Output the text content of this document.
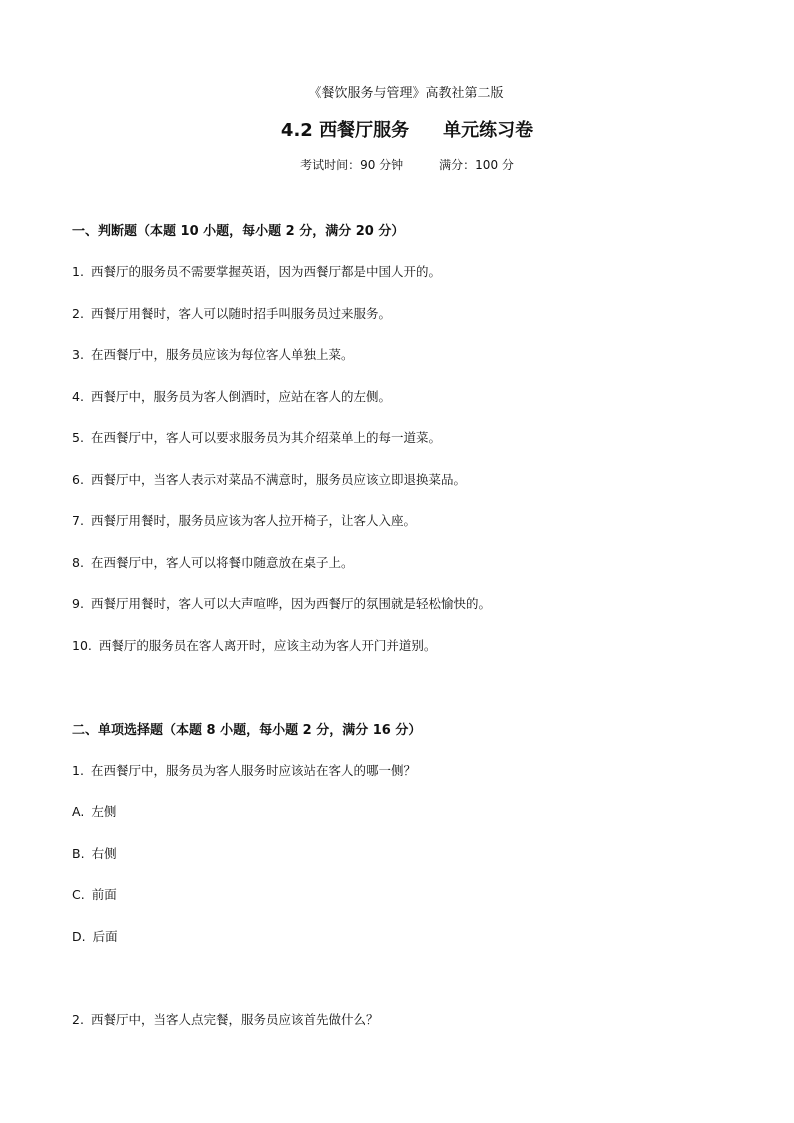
《餐饮服务与管理》高教社第二版
4.2 西餐厅服务 单元练习卷
考试时间：90 分钟	满分：100 分
一、判断题（本题 10 小题，每小题 2 分，满分 20 分）
1. 西餐厅的服务员不需要掌握英语，因为西餐厅都是中国人开的。
2. 西餐厅用餐时，客人可以随时招手叫服务员过来服务。
3. 在西餐厅中，服务员应该为每位客人单独上菜。
4. 西餐厅中，服务员为客人倒酒时，应站在客人的左侧。
5. 在西餐厅中，客人可以要求服务员为其介绍菜单上的每一道菜。
6. 西餐厅中，当客人表示对菜品不满意时，服务员应该立即退换菜品。
7. 西餐厅用餐时，服务员应该为客人拉开椅子，让客人入座。
8. 在西餐厅中，客人可以将餐巾随意放在桌子上。
9. 西餐厅用餐时，客人可以大声喧哗，因为西餐厅的氛围就是轻松愉快的。
10. 西餐厅的服务员在客人离开时，应该主动为客人开门并道别。
二、单项选择题（本题 8 小题，每小题 2 分，满分 16 分）
1. 在西餐厅中，服务员为客人服务时应该站在客人的哪一侧？
A. 左侧
B. 右侧
C. 前面
D. 后面
2. 西餐厅中，当客人点完餐，服务员应该首先做什么？
